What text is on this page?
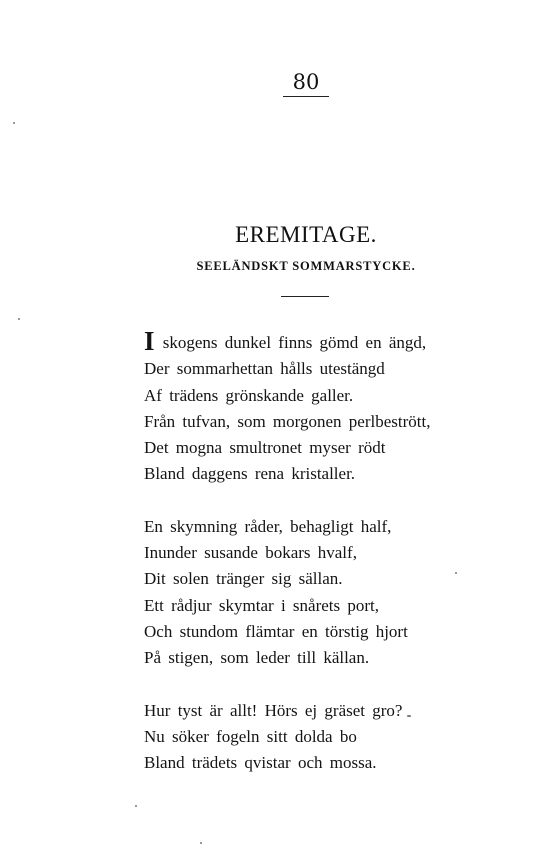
80
EREMITAGE.
SEELÄNDSKT SOMMARSTYCKE.
I skogens dunkel finns gömd en ängd,
Der sommarhettan hålls utestängd
Af trädens grönskande galler.
Från tufvan, som morgonen perlbestrött,
Det mogna smultronet myser rödt
Bland daggens rena kristaller.
En skymning råder, behagligt half,
Inunder susande bokars hvalf,
Dit solen tränger sig sällan.
Ett rådjur skymtar i snårets port,
Och stundom flämtar en törstig hjort
På stigen, som leder till källan.
Hur tyst är allt! Hörs ej gräset gro?
Nu söker fogeln sitt dolda bo
Bland trädets qvistar och mossa.
